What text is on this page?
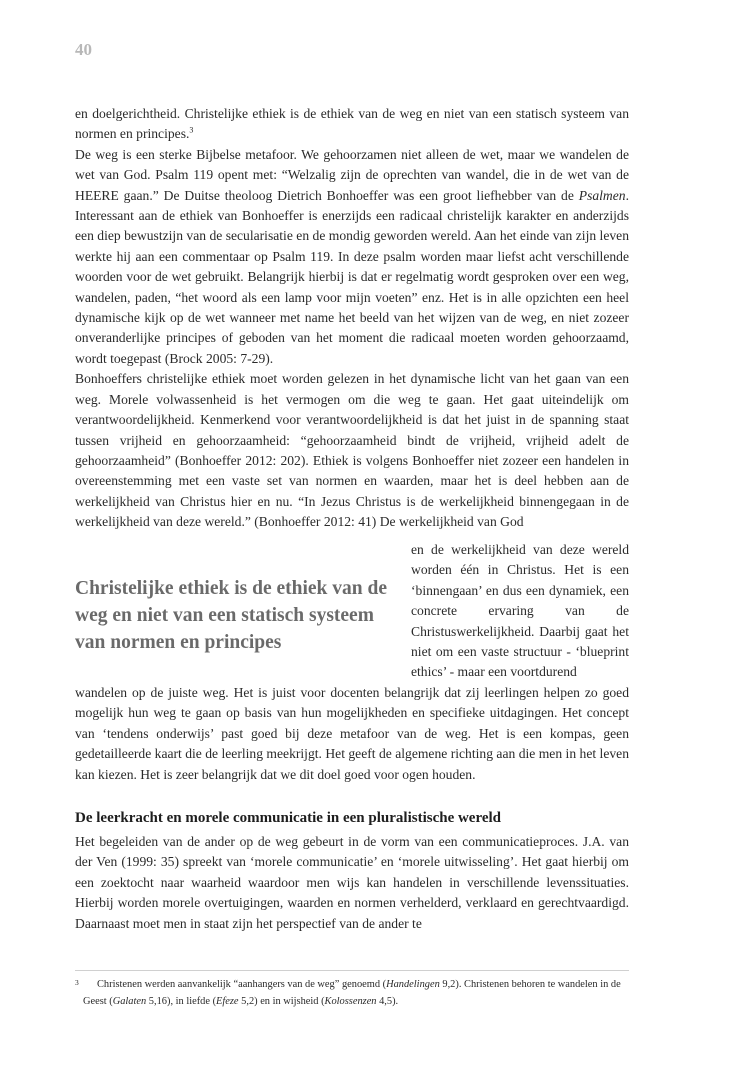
40

en doelgerichtheid. Christelijke ethiek is de ethiek van de weg en niet van een statisch systeem van normen en principes.$^3$

De weg is een sterke Bijbelse metafoor. We gehoorzamen niet alleen de wet, maar we wandelen de wet van God. Psalm 119 opent met: “Welzalig zijn de oprechten van wandel, die in de wet van de HEERE gaan.” De Duitse theoloog Dietrich Bonhoeffer was een groot liefhebber van de Psalmen. Interessant aan de ethiek van Bonhoeffer is enerzijds een radicaal christelijk karakter en anderzijds een diep bewustzijn van de secularisatie en de mondig geworden wereld. Aan het einde van zijn leven werkte hij aan een commentaar op Psalm 119. In deze psalm worden maar liefst acht verschillende woorden voor de wet gebruikt. Belangrijk hierbij is dat er regelmatig wordt gesproken over een weg, wandelen, paden, “het woord als een lamp voor mijn voeten” enz. Het is in alle opzichten een heel dynamische kijk op de wet wanneer met name het beeld van het wijzen van de weg, en niet zozeer onveranderlijke principes of geboden van het moment die radicaal moeten worden gehoorzaamd, wordt toegepast (Brock 2005: 7-29).

Bonhoeffers christelijke ethiek moet worden gelezen in het dynamische licht van het gaan van een weg. Morele volwassenheid is het vermogen om die weg te gaan. Het gaat uiteindelijk om verantwoordelijkheid. Kenmerkend voor verantwoordelijkheid is dat het juist in de spanning staat tussen vrijheid en gehoorzaamheid: “gehoorzaamheid bindt de vrijheid, vrijheid adelt de gehoorzaamheid” (Bonhoeffer 2012: 202). Ethiek is volgens Bonhoeffer niet zozeer een handelen in overeenstemming met een vaste set van normen en waarden, maar het is deel hebben aan de werkelijkheid van Christus hier en nu. “In Jezus Christus is de werkelijkheid binnengegaan in de werkelijkheid van deze wereld.” (Bonhoeffer 2012: 41) De werkelijkheid van God

Christelijke ethiek is de ethiek van de weg en niet van een statisch systeem van normen en principes

en de werkelijkheid van deze wereld worden één in Christus. Het is een ‘binnengaan’ en dus een dynamiek, een concrete ervaring van de Christuswerkelijkheid. Daarbij gaat het niet om een vaste structuur - ‘blueprint ethics’ - maar een voortdurend

wandelen op de juiste weg. Het is juist voor docenten belangrijk dat zij leerlingen helpen zo goed mogelijk hun weg te gaan op basis van hun mogelijkheden en specifieke uitdagingen. Het concept van ‘tendens onderwijs’ past goed bij deze metafoor van de weg. Het is een kompas, geen gedetailleerde kaart die de leerling meekrijgt. Het geeft de algemene richting aan die men in het leven kan kiezen. Het is zeer belangrijk dat we dit doel goed voor ogen houden.

De leerkracht en morele communicatie in een pluralistische wereld

Het begeleiden van de ander op de weg gebeurt in de vorm van een communicatieproces. J.A. van der Ven (1999: 35) spreekt van ‘morele communicatie’ en ‘morele uitwisseling’. Het gaat hierbij om een zoektocht naar waarheid waardoor men wijs kan handelen in verschillende levenssituaties. Hierbij worden morele overtuigingen, waarden en normen verhelderd, verklaard en gerechtvaardigd. Daarnaast moet men in staat zijn het perspectief van de ander te

3	Christenen werden aanvankelijk “aanhangers van de weg” genoemd (Handelingen 9,2). Christenen behoren te wandelen in de Geest (Galaten 5,16), in liefde (Efeze 5,2) en in wijsheid (Kolossenzen 4,5).
